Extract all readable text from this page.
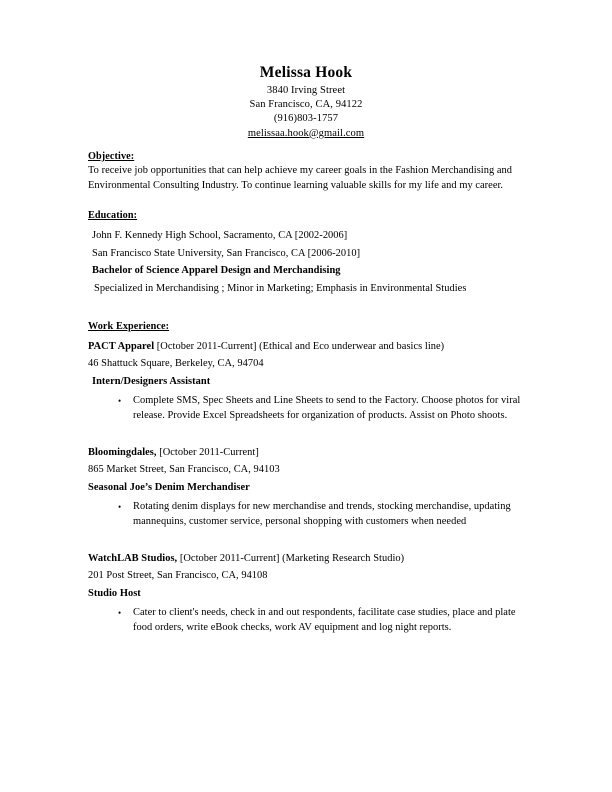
Melissa Hook
3840 Irving Street
San Francisco, CA, 94122
(916)803-1757
melissaa.hook@gmail.com
Objective:
To receive job opportunities that can help achieve my career goals in the Fashion Merchandising and Environmental Consulting Industry. To continue learning valuable skills for my life and my career.
Education:
John F. Kennedy High School, Sacramento, CA [2002-2006]
San Francisco State University, San Francisco, CA [2006-2010]
Bachelor of Science Apparel Design and Merchandising
Specialized in Merchandising ; Minor in Marketing; Emphasis in Environmental Studies
Work Experience:
PACT Apparel [October 2011-Current] (Ethical and Eco underwear and basics line)
46 Shattuck Square, Berkeley, CA, 94704
Intern/Designers Assistant
• Complete SMS, Spec Sheets and Line Sheets to send to the Factory. Choose photos for viral release. Provide Excel Spreadsheets for organization of products. Assist on Photo shoots.
Bloomingdales, [October 2011-Current]
865 Market Street, San Francisco, CA, 94103
Seasonal Joe’s Denim Merchandiser
• Rotating denim displays for new merchandise and trends, stocking merchandise, updating mannequins, customer service, personal shopping with customers when needed
WatchLAB Studios, [October 2011-Current] (Marketing Research Studio)
201 Post Street, San Francisco, CA, 94108
Studio Host
• Cater to client's needs, check in and out respondents, facilitate case studies, place and plate food orders, write eBook checks, work AV equipment and log night reports.
